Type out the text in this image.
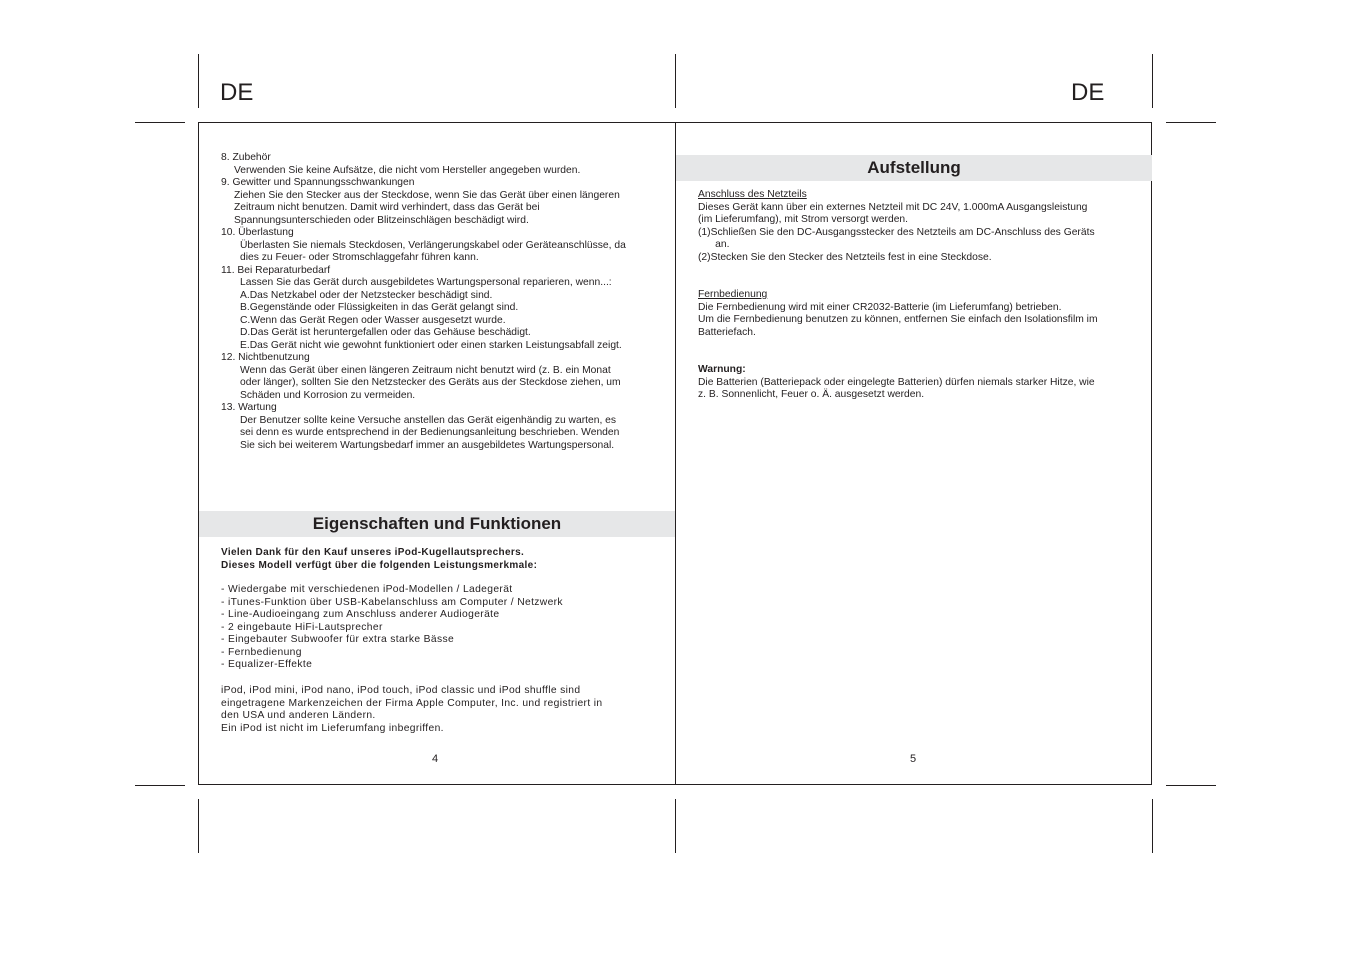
DE	DE
8. Zubehör
Verwenden Sie keine Aufsätze, die nicht vom Hersteller angegeben wurden.
9. Gewitter und Spannungsschwankungen
Ziehen Sie den Stecker aus der Steckdose, wenn Sie das Gerät über einen längeren
Zeitraum nicht benutzen. Damit wird verhindert, dass das Gerät bei
Spannungsunterschieden oder Blitzeinschlägen beschädigt wird.
10. Überlastung
Überlasten Sie niemals Steckdosen, Verlängerungskabel oder Geräteanschlüsse, da
dies zu Feuer- oder Stromschlaggefahr führen kann.
11. Bei Reparaturbedarf
Lassen Sie das Gerät durch ausgebildetes Wartungspersonal reparieren, wenn...:
A.Das Netzkabel oder der Netzstecker beschädigt sind.
B.Gegenstände oder Flüssigkeiten in das Gerät gelangt sind.
C.Wenn das Gerät Regen oder Wasser ausgesetzt wurde.
D.Das Gerät ist heruntergefallen oder das Gehäuse beschädigt.
E.Das Gerät nicht wie gewohnt funktioniert oder einen starken Leistungsabfall zeigt.
12. Nichtbenutzung
Wenn das Gerät über einen längeren Zeitraum nicht benutzt wird (z. B. ein Monat
oder länger), sollten Sie den Netzstecker des Geräts aus der Steckdose ziehen, um
Schäden und Korrosion zu vermeiden.
13. Wartung
Der Benutzer sollte keine Versuche anstellen das Gerät eigenhändig zu warten, es
sei denn es wurde entsprechend in der Bedienungsanleitung beschrieben. Wenden
Sie sich bei weiterem Wartungsbedarf immer an ausgebildetes Wartungspersonal.
Eigenschaften und Funktionen
Vielen Dank für den Kauf unseres iPod-Kugellautsprechers.
Dieses Modell verfügt über die folgenden Leistungsmerkmale:
- Wiedergabe mit verschiedenen iPod-Modellen / Ladegerät
- iTunes-Funktion über USB-Kabelanschluss am Computer / Netzwerk
- Line-Audioeingang zum Anschluss anderer Audiogeräte
- 2 eingebaute HiFi-Lautsprecher
- Eingebauter Subwoofer für extra starke Bässe
- Fernbedienung
- Equalizer-Effekte
iPod, iPod mini, iPod nano, iPod touch, iPod classic und iPod shuffle sind
eingetragene Markenzeichen der Firma Apple Computer, Inc. und registriert in
den USA und anderen Ländern.
Ein iPod ist nicht im Lieferumfang inbegriffen.
4
Aufstellung
Anschluss des Netzteils
Dieses Gerät kann über ein externes Netzteil mit DC 24V, 1.000mA Ausgangsleistung
(im Lieferumfang), mit Strom versorgt werden.
(1)Schließen Sie den DC-Ausgangsstecker des Netzteils am DC-Anschluss des Geräts
an.
(2)Stecken Sie den Stecker des Netzteils fest in eine Steckdose.
Fernbedienung
Die Fernbedienung wird mit einer CR2032-Batterie (im Lieferumfang) betrieben.
Um die Fernbedienung benutzen zu können, entfernen Sie einfach den Isolationsfilm im
Batteriefach.
Warnung:
Die Batterien (Batteriepack oder eingelegte Batterien) dürfen niemals starker Hitze, wie
z. B. Sonnenlicht, Feuer o. Ä. ausgesetzt werden.
5
